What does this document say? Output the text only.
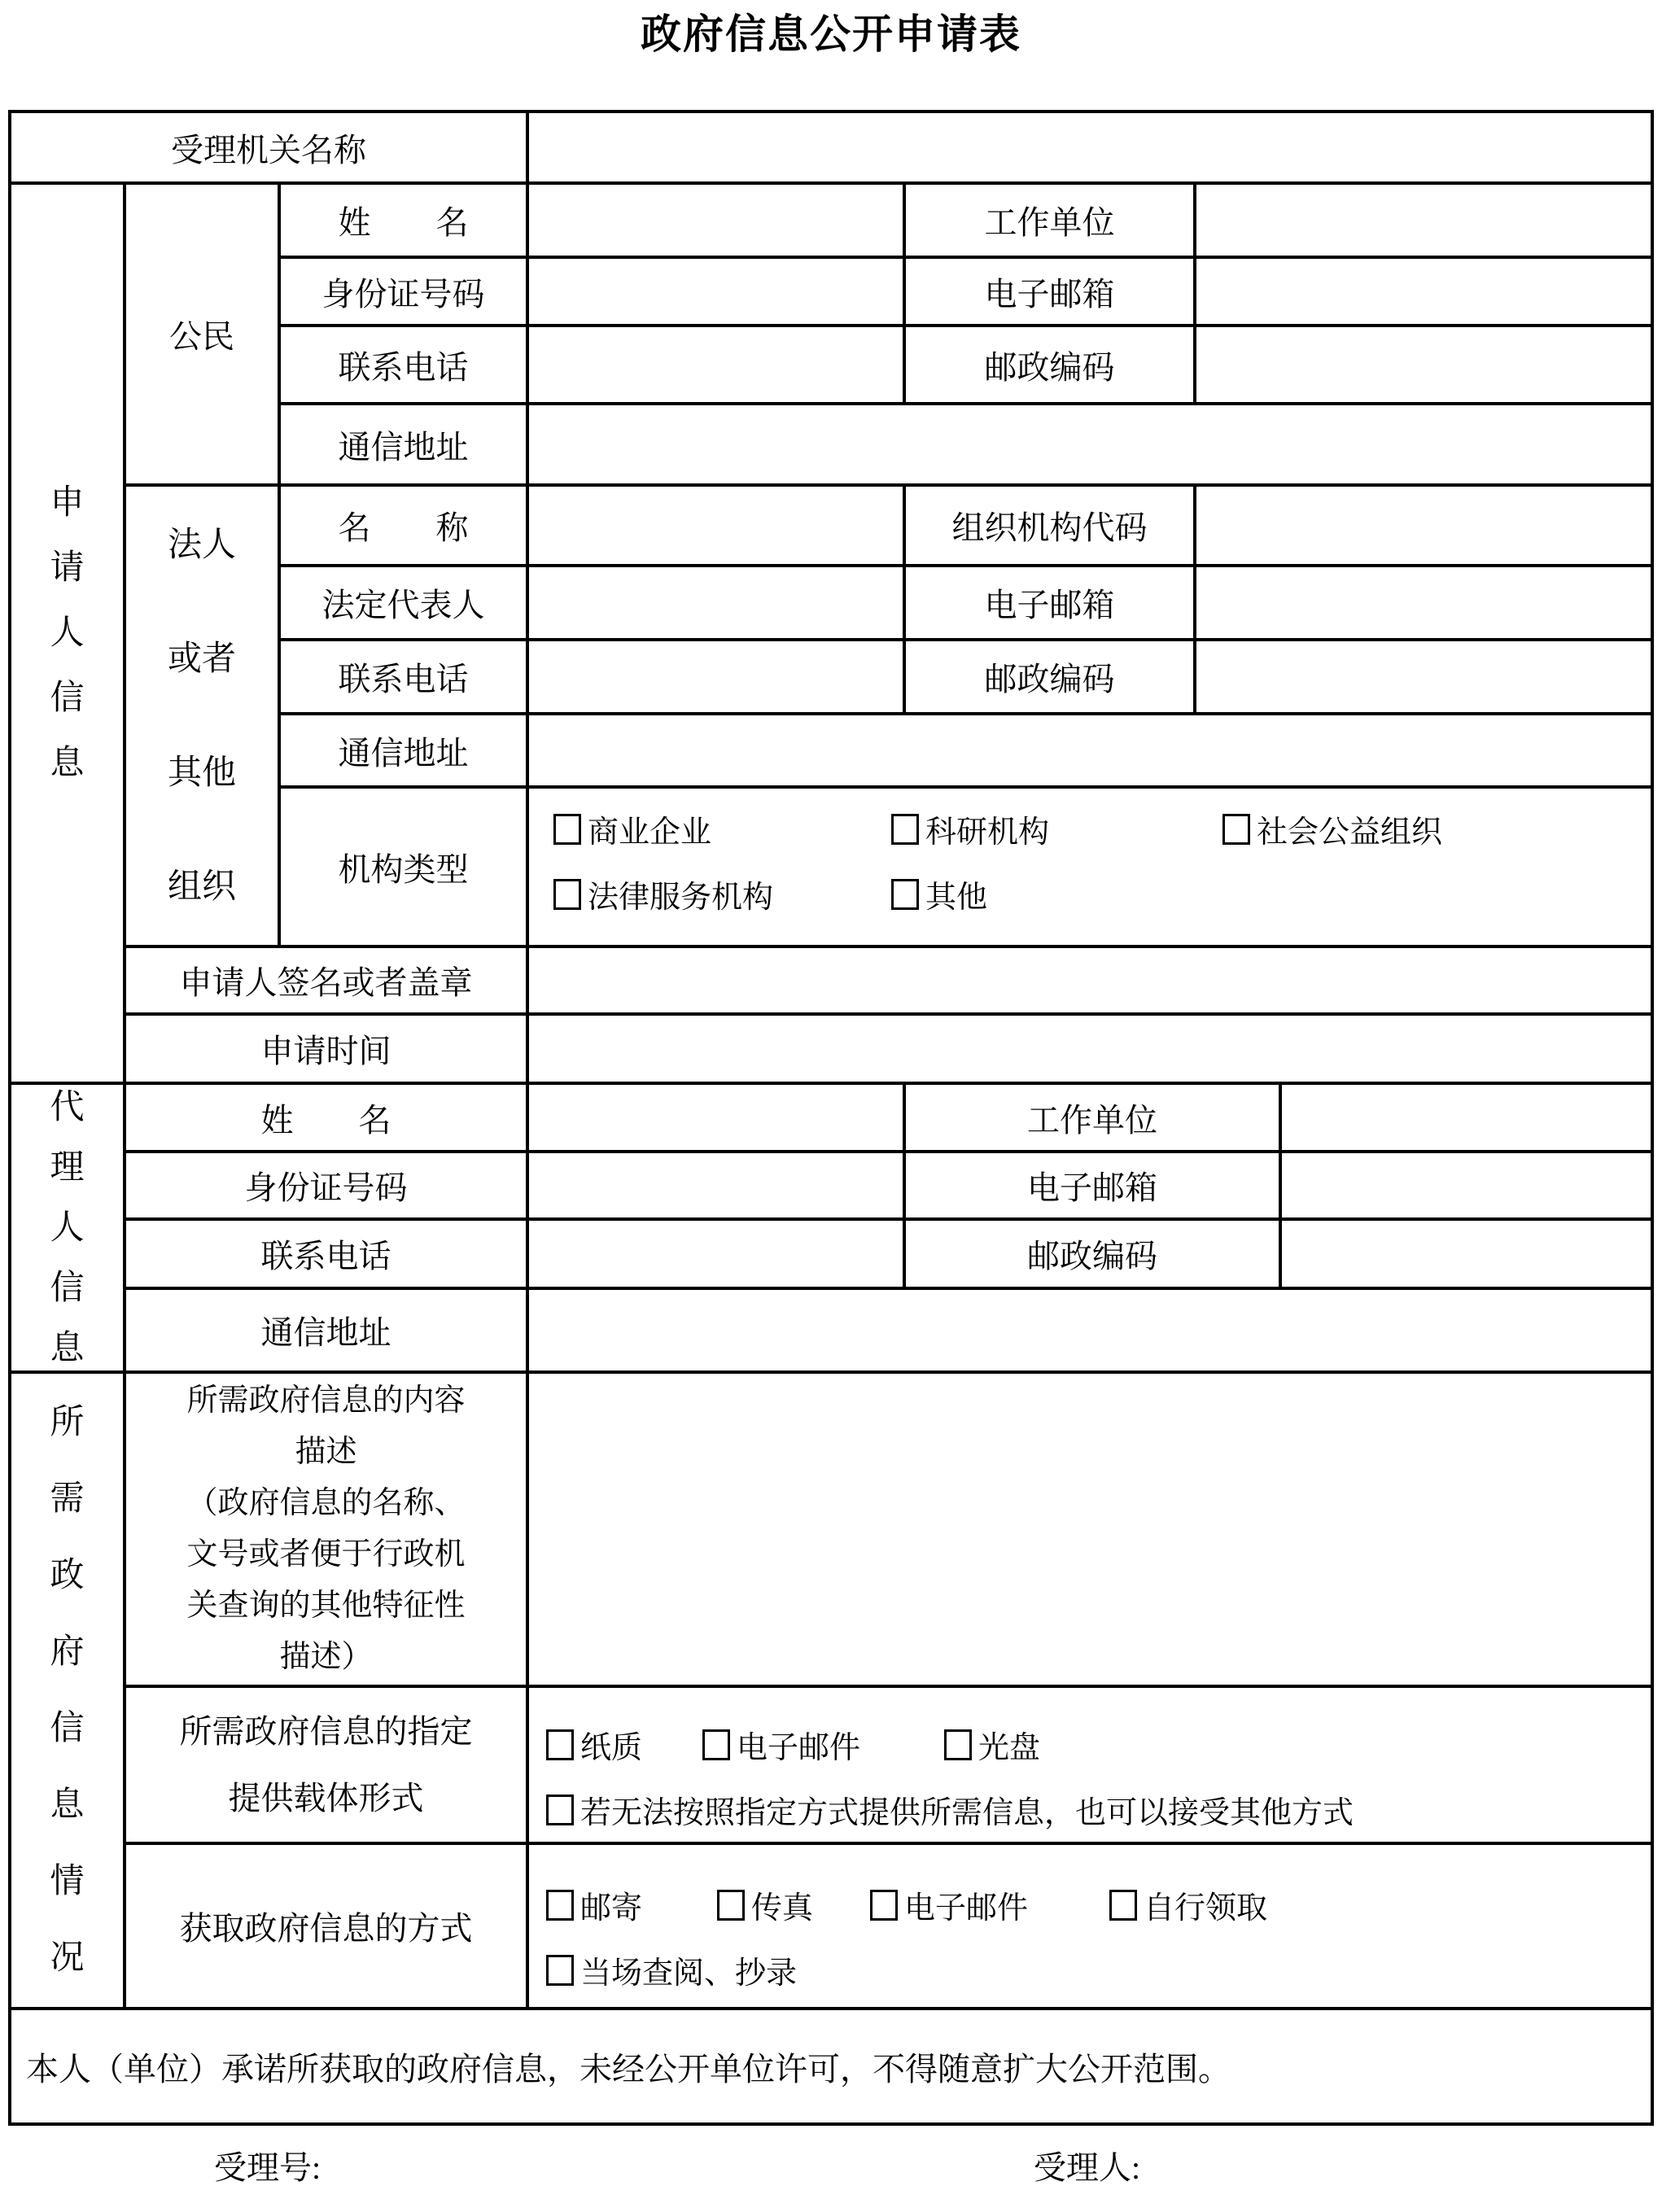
政府信息公开申请表
受理机关名称
申请人信息
公民
姓　　名	工作单位
身份证号码	电子邮箱
联系电话	邮政编码
通信地址
法人或者其他组织
名　　称	组织机构代码
法定代表人	电子邮箱
联系电话	邮政编码
通信地址
机构类型
商业企业	科研机构	社会公益组织
法律服务机构	其他
申请人签名或者盖章
申请时间
代理人信息
姓　　名	工作单位
身份证号码	电子邮箱
联系电话	邮政编码
通信地址
所需政府信息情况
所需政府信息的内容
描述
（政府信息的名称、
文号或者便于行政机
关查询的其他特征性
描述）
所需政府信息的指定
提供载体形式
纸质	电子邮件	光盘
若无法按照指定方式提供所需信息，也可以接受其他方式
获取政府信息的方式
邮寄	传真	电子邮件	自行领取
当场查阅、抄录
本人（单位）承诺所获取的政府信息，未经公开单位许可，不得随意扩大公开范围。
受理号:	受理人:
